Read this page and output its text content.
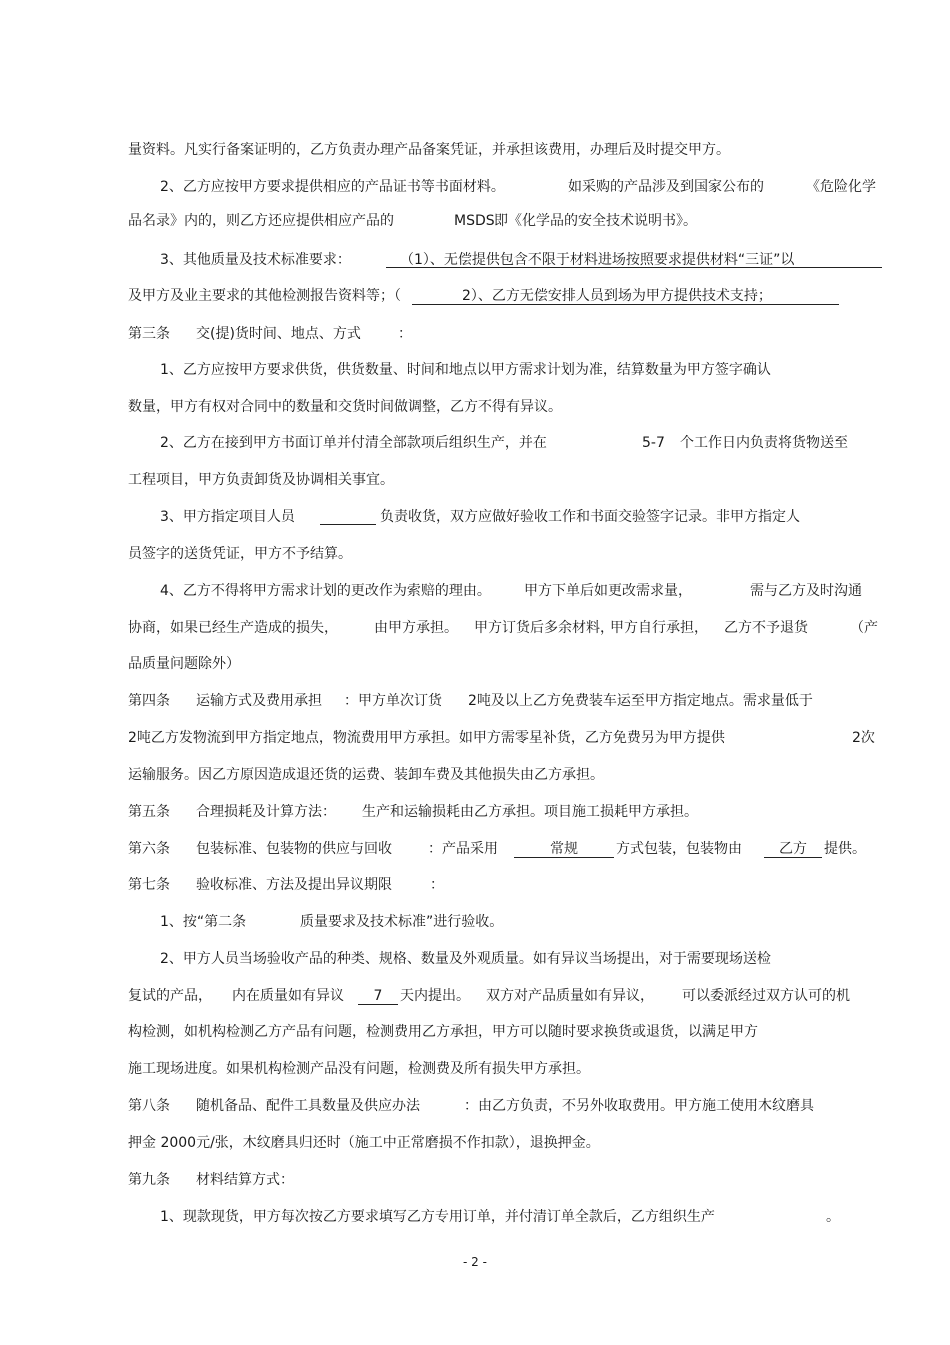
量资料。凡实行备案证明的，乙方负责办理产品备案凭证，并承担该费用，办理后及时提交甲方。
2、乙方应按甲方要求提供相应的产品证书等书面材料。	如采购的产品涉及到国家公布的	《危险化学
品名录》内的，则乙方还应提供相应产品的	MSDS 即《化学品的安全技术说明书》。
3、其他质量及技术标准要求：	（1）、无偿提供包含不限于材料进场按照要求提供材料“三证”以
及甲方及业主要求的其他检测报告资料等；（	2）、乙方无偿安排人员到场为甲方提供技术支持；
第三条 交(提)货时间、地点、方式	：
1、乙方应按甲方要求供货，供货数量、时间和地点以甲方需求计划为准，结算数量为甲方签字确认
数量，甲方有权对合同中的数量和交货时间做调整，乙方不得有异议。
2、乙方在接到甲方书面订单并付清全部款项后组织生产，并在	5-7 个工作日内负责将货物送至
工程项目，甲方负责卸货及协调相关事宜。
3、甲方指定项目人员	负责收货，双方应做好验收工作和书面交验签字记录。非甲方指定人
员签字的送货凭证，甲方不予结算。
4、乙方不得将甲方需求计划的更改作为索赔的理由。 甲方下单后如更改需求量，	需与乙方及时沟通
协商，如果已经生产造成的损失，	由甲方承担。 甲方订货后多余材料，
甲方自行承担， 乙方不予退货	（产
品质量问题除外）
第四条 运输方式及费用承担 ：甲方单次订货 2吨及以上乙方免费装车运至甲方指定地点。需求量低于
2吨乙方发物流到甲方指定地点，物流费用甲方承担。如甲方需零星补货，乙方免费另为甲方提供	2次
运输服务。因乙方原因造成退还货的运费、装卸车费及其他损失由乙方承担。
第五条 合理损耗及计算方法： 生产和运输损耗由乙方承担。项目施工损耗甲方承担。
第六条 包装标准、包装物的供应与回收	：产品采用	常规	方式包装，包装物由	乙方	提供。
第七条 验收标准、方法及提出异议期限	：
1、按“第二条	质量要求及技术标准”进行验收。
2、甲方人员当场验收产品的种类、规格、数量及外观质量。如有异议当场提出，对于需要现场送检
复试的产品， 内在质量如有异议	7	天内提出。 双方对产品质量如有异议， 可以委派经过双方认可的机
构检测，如机构检测乙方产品有问题，检测费用乙方承担，甲方可以随时要求换货或退货，以满足甲方
施工现场进度。如果机构检测产品没有问题，检测费及所有损失甲方承担。
第八条 随机备品、配件工具数量及供应办法	：由乙方负责，不另外收取费用。甲方施工使用木纹磨具
押金 2000元/张，木纹磨具归还时（施工中正常磨损不作扣款），退换押金。
第九条 材料结算方式：
1、现款现货，甲方每次按乙方要求填写乙方专用订单，并付清订单全款后，乙方组织生产	。
- 2 -
